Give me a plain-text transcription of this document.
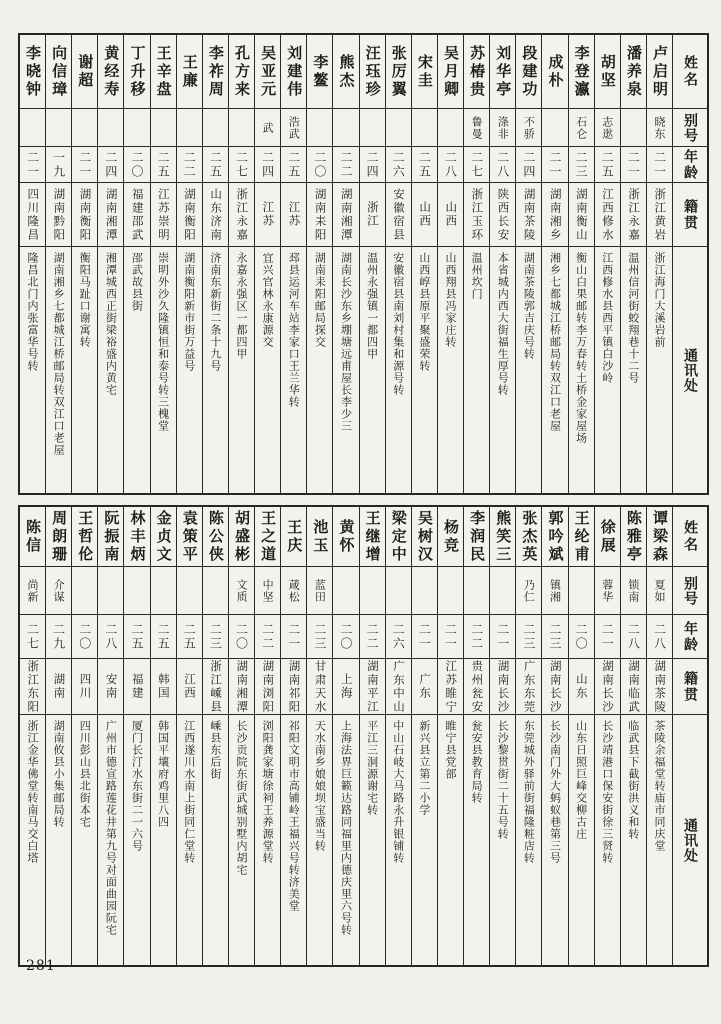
姓名
别号
年龄
籍贯
通讯处
卢启明
晓东
二一
浙江黄岩
浙江海门大溪岩前
潘养泉
二一
浙江永嘉
温州信河街蛟翔巷十二号
胡坚
志逖
二五
江西修水
江西修水县西平镇白沙岭
李登瀛
石仑
二三
湖南衡山
衡山白果邮转李万春转土桥金家屋场
成朴
二一
湖南湘乡
湘乡七都城江桥邮局转双江口老屋
段建功
不骄
二四
湖南茶陵
湖南茶陵郭吉庆号转
刘华亭
涤非
二八
陕西长安
本省城内西大街福生厚号转
苏椿贵
鲁曼
二七
浙江玉环
温州坎门
吴月卿
二八
山西
山西翔县冯家庄转
宋圭
二五
山西
山西崞县原平聚盛荣转
张厉翼
二六
安徽宿县
安徽宿县南刘村集和源号转
汪珏珍
二四
浙江
温州永强镇一都四甲
熊杰
二二
湖南湘潭
湖南长沙东乡堋塘远甫屋长李少三
李鳌
二〇
湖南耒阳
湖南耒阳邮局探交
刘建伟
浩武
二五
江苏
邳县运河车站李家口王兰华转
吴亚元
武
二四
江苏
宜兴官林永康源交
孔方来
二七
浙江永嘉
永嘉永强区一都四甲
李祚周
二五
山东济南
济南东新街二条十九号
王廉
二二
湖南衡阳
湖南衡阳新市街万益号
王辛盘
二五
江苏崇明
崇明外沙久隆镇恒和泰号转三槐堂
丁升移
二〇
福建邵武
邵武故县街
黄经寿
二四
湖南湘潭
湘潭城西正街梁裕盛内黄宅
谢超
二一
湖南衡阳
衡阳马趾口谢寓转
向信璋
一九
湖南黔阳
湖南湘乡七都城江桥邮局转双江口老屋
李晓钟
二一
四川隆昌
隆昌北门内张富华号转
姓名
别号
年龄
籍贯
通讯处
谭梁森
夏如
二八
湖南茶陵
茶陵余福堂转庙市同庆堂
陈雅亭
锁南
二八
湖南临武
临武县下截街洪义和转
徐展
蓉华
二一
湖南长沙
长沙靖港口保安街徐三贤转
王纶甫
二〇
山东
山东日照巨峰交柳古庄
郭吟斌
镇湘
二三
湖南长沙
长沙南门外大蚂蚁巷第三号
张杰英
乃仁
二三
广东东莞
东莞城外驿前街福隆粧店转
熊笑三
二一
湖南长沙
长沙黎贯街二十五号转
李润民
二二
贵州瓮安
瓮安县教育局转
杨竞
二一
江苏睢宁
睢宁县党部
吴树汉
二一
广东
新兴县立第二小学
梁定中
二六
广东中山
中山石岐大马路永升银铺转
王继增
二二
湖南平江
平江三洞源谢宅转
黄怀
二〇
上海
上海法界巨籁达路同福里内德庆里六号转
池玉
蓝田
二三
甘肃天水
天水南乡娘娘坝宝盛当转
王庆
葴松
二一
湖南祁阳
祁阳文明市高铺岭王福兴号转济美堂
王之道
中坚
二二
湖南浏阳
浏阳龚家塘徐祠王养源堂转
胡盛彬
文质
二〇
湖南湘潭
长沙贡院东街武城别墅内胡宅
陈公侠
二三
浙江嵊县
嵊县东后街
袁策平
二五
江西
江西遂川水南上街同仁堂转
金贞文
二五
韩国
韩国平壤府鸡里八四
林丰炳
二五
福建
厦门长汀水东街二一六号
阮振南
二八
安南
广州市德宣路莲花井第九号对面曲园阮宅
王哲伦
二〇
四川
四川彭山县北街本宅
周朗珊
介谋
二九
湖南
湖南攸县小集邮局转
陈信
尚新
二七
浙江东阳
浙江金华佛堂转南马交白塔
281
